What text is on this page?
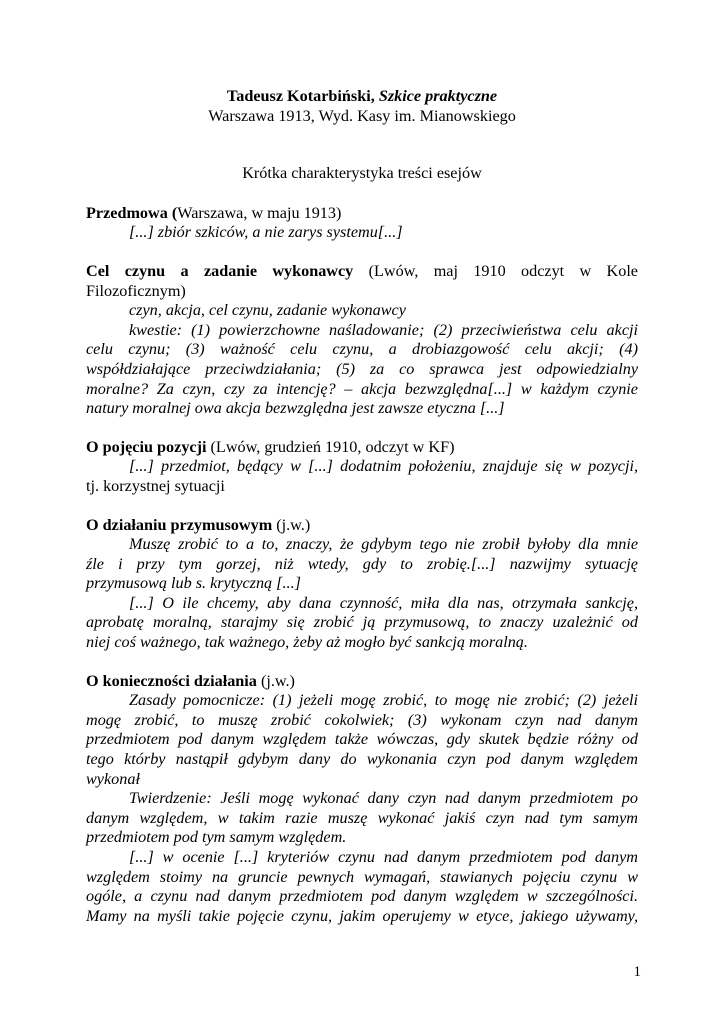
Tadeusz Kotarbiński, Szkice praktyczne

Warszawa 1913, Wyd. Kasy im. Mianowskiego

Krótka charakterystyka treści esejów

Przedmowa (Warszawa, w maju 1913)

[...] zbiór szkiców, a nie zarys systemu[...]

Cel czynu a zadanie wykonawcy (Lwów, maj 1910 odczyt w Kole

Filozoficznym)

czyn, akcja, cel czynu, zadanie wykonawcy

kwestie: (1) powierzchowne naśladowanie; (2) przeciwieństwa celu akcji

celu czynu; (3) ważność celu czynu, a drobiazgowość celu akcji; (4)

współdziałające przeciwdziałania; (5) za co sprawca jest odpowiedzialny

moralne? Za czyn, czy za intencję? – akcja bezwzględna[...] w każdym czynie

natury moralnej owa akcja bezwzględna jest zawsze etyczna [...]

O pojęciu pozycji (Lwów, grudzień 1910, odczyt w KF)

[...] przedmiot, będący w [...] dodatnim położeniu, znajduje się w pozycji,

tj. korzystnej sytuacji

O działaniu przymusowym (j.w.)

Muszę zrobić to a to, znaczy, że gdybym tego nie zrobił byłoby dla mnie

źle i przy tym gorzej, niż wtedy, gdy to zrobię.[...] nazwijmy sytuację

przymusową lub s. krytyczną [...]

[...] O ile chcemy, aby dana czynność, miła dla nas, otrzymała sankcję,

aprobatę moralną, starajmy się zrobić ją przymusową, to znaczy uzależnić od

niej coś ważnego, tak ważnego, żeby aż mogło być sankcją moralną.

O konieczności działania (j.w.)

Zasady pomocnicze: (1) jeżeli mogę zrobić, to mogę nie zrobić; (2) jeżeli

mogę zrobić, to muszę zrobić cokolwiek; (3) wykonam czyn nad danym

przedmiotem pod danym względem także wówczas, gdy skutek będzie różny od

tego którby nastąpił gdybym dany do wykonania czyn pod danym względem

wykonał

Twierdzenie: Jeśli mogę wykonać dany czyn nad danym przedmiotem po

danym względem, w takim razie muszę wykonać jakiś czyn nad tym samym

przedmiotem pod tym samym względem.

[...] w ocenie [...] kryteriów czynu nad danym przedmiotem pod danym

względem stoimy na gruncie pewnych wymagań, stawianych pojęciu czynu w

ogóle, a czynu nad danym przedmiotem pod danym względem w szczególności.

Mamy na myśli takie pojęcie czynu, jakim operujemy w etyce, jakiego używamy,

1
